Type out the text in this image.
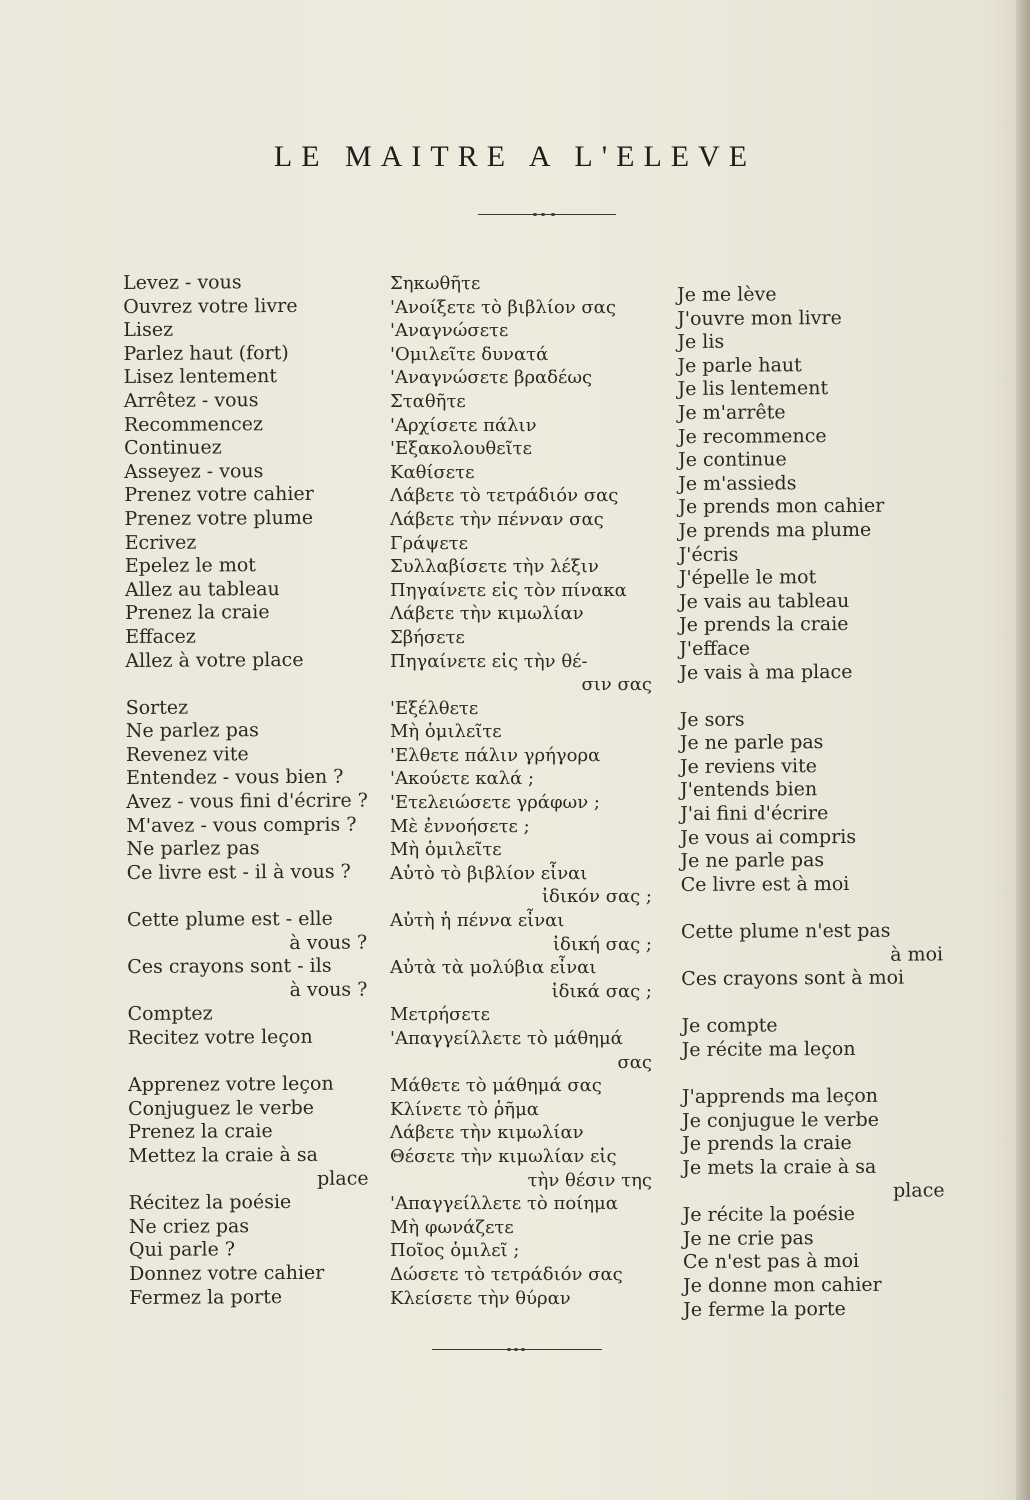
LE MAITRE A L'ELEVE
Levez - vous
Ouvrez votre livre
Lisez
Parlez haut (fort)
Lisez lentement
Arrêtez - vous
Recommencez
Continuez
Asseyez - vous
Prenez votre cahier
Prenez votre plume
Ecrivez
Epelez le mot
Allez au tableau
Prenez la craie
Effacez
Allez à votre place
Sortez
Ne parlez pas
Revenez vite
Entendez - vous bien ?
Avez - vous fini d'écrire ?
M'avez - vous compris ?
Ne parlez pas
Ce livre est - il à vous ?
Cette plume est - elle
à vous ?
Ces crayons sont - ils
à vous ?
Comptez
Recitez votre leçon
Apprenez votre leçon
Conjuguez le verbe
Prenez la craie
Mettez la craie à sa
place
Récitez la poésie
Ne criez pas
Qui parle ?
Donnez votre cahier
Fermez la porte
Σηκωθῆτε
'Ανοίξετε τὸ βιβλίον σας
'Αναγνώσετε
'Ομιλεῖτε δυνατά
'Αναγνώσετε βραδέως
Σταθῆτε
'Αρχίσετε πάλιν
'Εξακολουθεῖτε
Καθίσετε
Λάβετε τὸ τετράδιόν σας
Λάβετε τὴν πένναν σας
Γράψετε
Συλλαβίσετε τὴν λέξιν
Πηγαίνετε εἰς τὸν πίνακα
Λάβετε τὴν κιμωλίαν
Σβήσετε
Πηγαίνετε εἰς τὴν θέ-
σιν σας
'Εξέλθετε
Μὴ ὁμιλεῖτε
'Ελθετε πάλιν γρήγορα
'Ακούετε καλά ;
'Ετελειώσετε γράφων ;
Μὲ ἐννοήσετε ;
Μὴ ὁμιλεῖτε
Αὐτὸ τὸ βιβλίον εἶναι
ἰδικόν σας ;
Αὐτὴ ἡ πέννα εἶναι
ἰδική σας ;
Αὐτὰ τὰ μολύβια εἶναι
ἰδικά σας ;
Μετρήσετε
'Απαγγείλλετε τὸ μάθημά
σας
Μάθετε τὸ μάθημά σας
Κλίνετε τὸ ῥῆμα
Λάβετε τὴν κιμωλίαν
Θέσετε τὴν κιμωλίαν εἰς
τὴν θέσιν της
'Απαγγείλλετε τὸ ποίημα
Μὴ φωνάζετε
Ποῖος ὁμιλεῖ ;
Δώσετε τὸ τετράδιόν σας
Κλείσετε τὴν θύραν
Je me lève
J'ouvre mon livre
Je lis
Je parle haut
Je lis lentement
Je m'arrête
Je recommence
Je continue
Je m'assieds
Je prends mon cahier
Je prends ma plume
J'écris
J'épelle le mot
Je vais au tableau
Je prends la craie
J'efface
Je vais à ma place
Je sors
Je ne parle pas
Je reviens vite
J'entends bien
J'ai fini d'écrire
Je vous ai compris
Je ne parle pas
Ce livre est à moi
Cette plume n'est pas
à moi
Ces crayons sont à moi
Je compte
Je récite ma leçon
J'apprends ma leçon
Je conjugue le verbe
Je prends la craie
Je mets la craie à sa
place
Je récite la poésie
Je ne crie pas
Ce n'est pas à moi
Je donne mon cahier
Je ferme la porte
